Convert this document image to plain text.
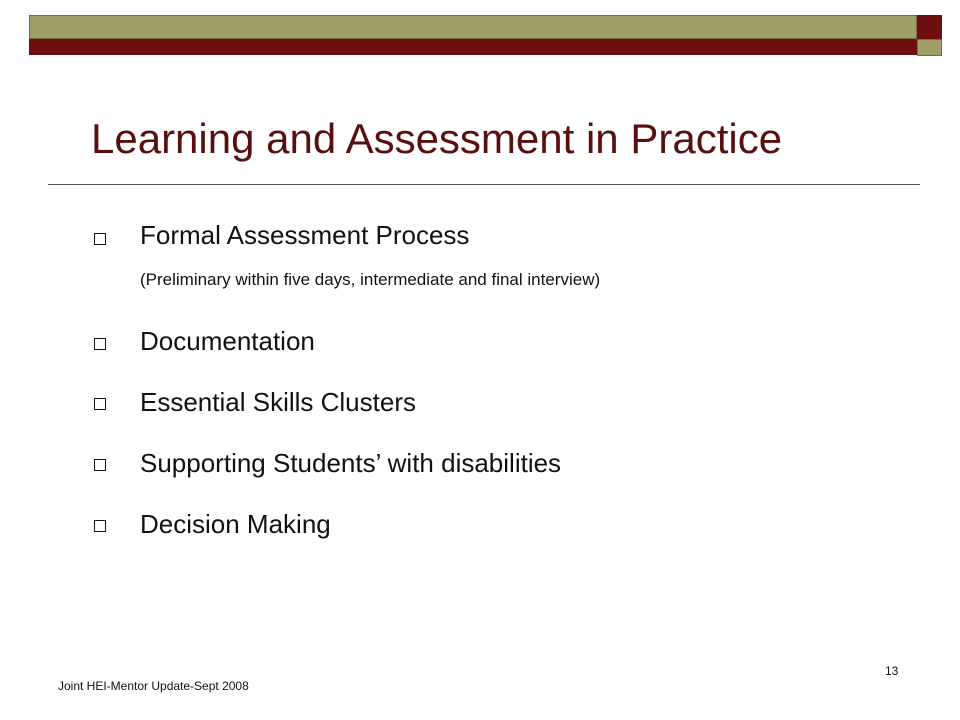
Learning and Assessment in Practice
Formal Assessment Process
(Preliminary within five days, intermediate and final interview)
Documentation
Essential Skills Clusters
Supporting Students’ with disabilities
Decision Making
Joint HEI-Mentor Update-Sept 2008
13
